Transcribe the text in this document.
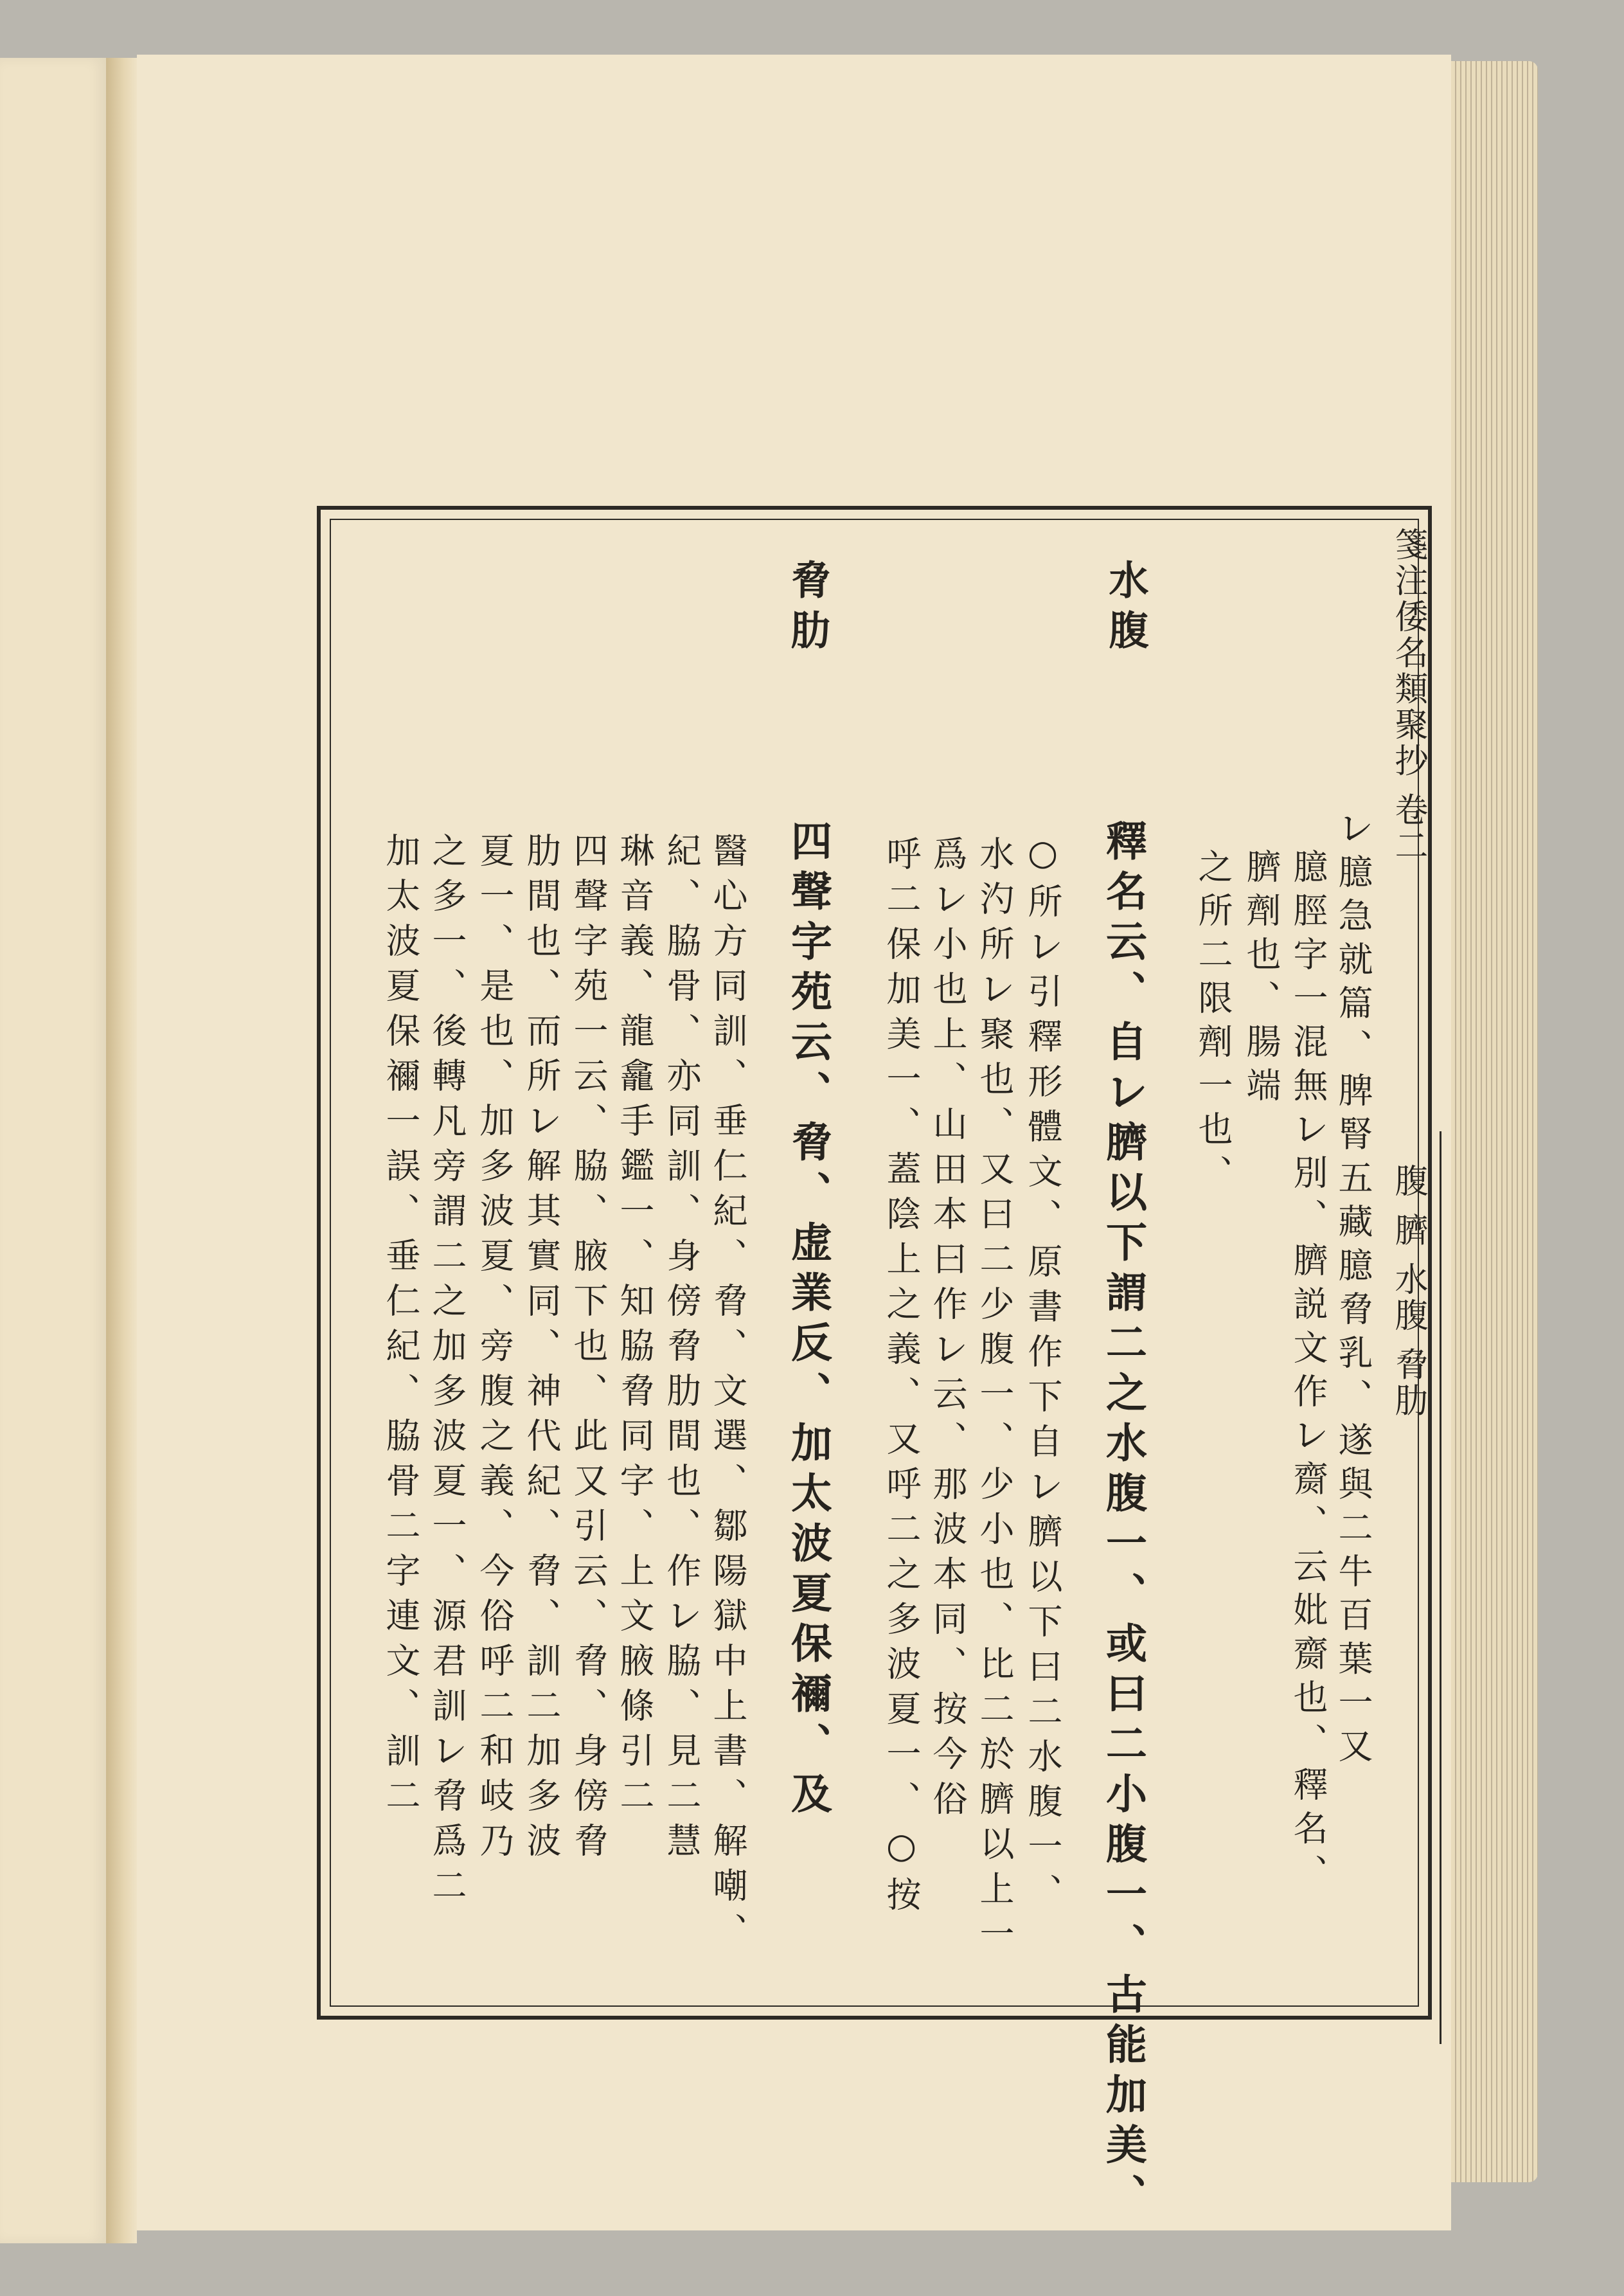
箋注倭名類聚抄 卷二
腹 臍 水腹 脅肋
㆑臆急就篇、脾腎五藏臆脅乳、遂與二牛百葉一又
臆脛字一混無㆑別、臍説文作㆑齌、云妣齌也、釋名、
臍劑也、腸端
之所二限劑一也、
水腹
釋名云、自㆑臍以下謂二之水腹一、或曰二小腹一、古能加美、
○所㆑引釋形體文、原書作下自㆑臍以下曰二水腹一、
水汋所㆑聚也、又曰二少腹一、少小也、比二於臍以上一
爲㆑小也上、山田本曰作㆑云、那波本同、按今俗
呼二保加美一、蓋陰上之義、又呼二之多波夏一、○按
脅肋
四聲字苑云、脅、虚業反、加太波夏保禰、及
醫心方同訓、垂仁紀、脅、文選、鄒陽獄中上書、解嘲、
紀、脇骨、亦同訓、身傍脅肋間也、作㆑脇、見二慧
琳音義、龍龕手鑑一、知脇脅同字、上文腋條引二
四聲字苑一云、脇、腋下也、此又引云、脅、身傍脅
肋間也、而所㆑解其實同、神代紀、脅、訓二加多波
夏一、是也、加多波夏、旁腹之義、今俗呼二和岐乃
之多一、後轉凡旁謂二之加多波夏一、源君訓㆑脅爲二
加太波夏保禰一誤、垂仁紀、脇骨二字連文、訓二
